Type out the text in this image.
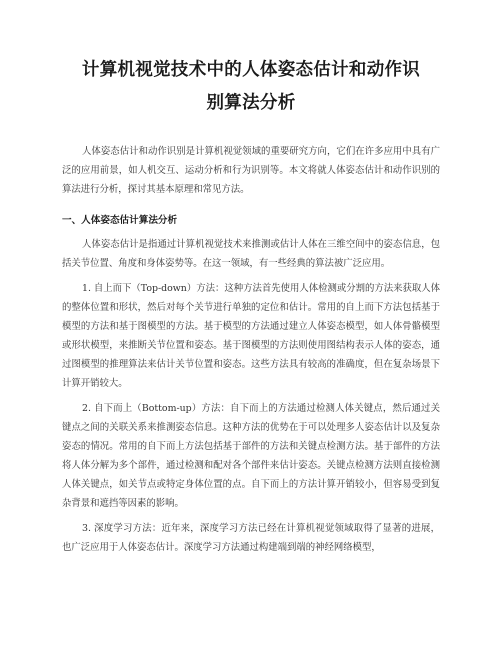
计算机视觉技术中的人体姿态估计和动作识
别算法分析

人体姿态估计和动作识别是计算机视觉领域的重要研究方向，它们在许多应用中具有广泛的应用前景，如人机交互、运动分析和行为识别等。本文将就人体姿态估计和动作识别的算法进行分析，探讨其基本原理和常见方法。

一、人体姿态估计算法分析

人体姿态估计是指通过计算机视觉技术来推测或估计人体在三维空间中的姿态信息，包括关节位置、角度和身体姿势等。在这一领域，有一些经典的算法被广泛应用。

1. 自上而下（Top-down）方法：这种方法首先使用人体检测或分割的方法来获取人体的整体位置和形状，然后对每个关节进行单独的定位和估计。常用的自上而下方法包括基于模型的方法和基于图模型的方法。基于模型的方法通过建立人体姿态模型，如人体骨骼模型或形状模型，来推断关节位置和姿态。基于图模型的方法则使用图结构表示人体的姿态，通过图模型的推理算法来估计关节位置和姿态。这些方法具有较高的准确度，但在复杂场景下计算开销较大。

2. 自下而上（Bottom-up）方法：自下而上的方法通过检测人体关键点，然后通过关键点之间的关联关系来推测姿态信息。这种方法的优势在于可以处理多人姿态估计以及复杂姿态的情况。常用的自下而上方法包括基于部件的方法和关键点检测方法。基于部件的方法将人体分解为多个部件，通过检测和配对各个部件来估计姿态。关键点检测方法则直接检测人体关键点，如关节点或特定身体位置的点。自下而上的方法计算开销较小，但容易受到复杂背景和遮挡等因素的影响。

3. 深度学习方法：近年来，深度学习方法已经在计算机视觉领域取得了显著的进展，也广泛应用于人体姿态估计。深度学习方法通过构建端到端的神经网络模型，
